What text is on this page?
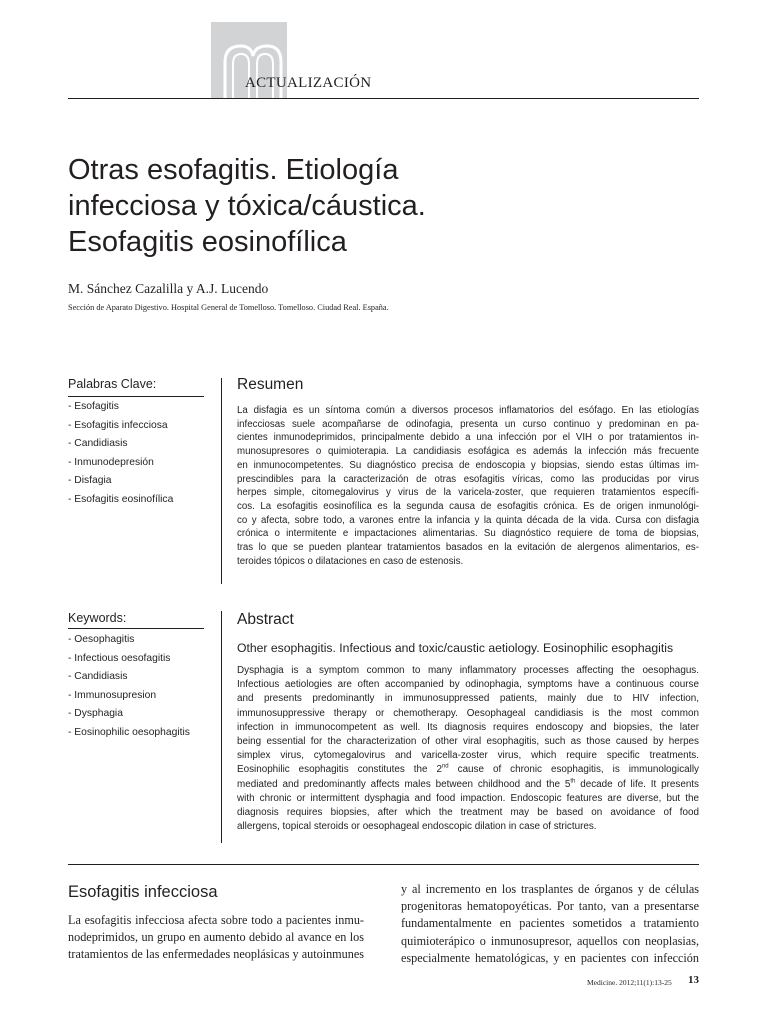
ACTUALIZACIÓN
Otras esofagitis. Etiología
infecciosa y tóxica/cáustica.
Esofagitis eosinofílica
M. Sánchez Cazalilla y A.J. Lucendo
Sección de Aparato Digestivo. Hospital General de Tomelloso. Tomelloso. Ciudad Real. España.
Palabras Clave:
- Esofagitis
- Esofagitis infecciosa
- Candidiasis
- Inmunodepresión
- Disfagia
- Esofagitis eosinofílica
Keywords:
- Oesophagitis
- Infectious oesofagitis
- Candidiasis
- Immunosupresion
- Dysphagia
- Eosinophilic oesophagitis
Resumen
La disfagia es un síntoma común a diversos procesos inflamatorios del esófago. En las etiologías
infecciosas suele acompañarse de odinofagia, presenta un curso continuo y predominan en pa-
cientes inmunodeprimidos, principalmente debido a una infección por el VIH o por tratamientos in-
munosupresores o quimioterapia. La candidiasis esofágica es además la infección más frecuente
en inmunocompetentes. Su diagnóstico precisa de endoscopia y biopsias, siendo estas últimas im-
prescindibles para la caracterización de otras esofagitis víricas, como las producidas por virus
herpes simple, citomegalovirus y virus de la varicela-zoster, que requieren tratamientos específi-
cos. La esofagitis eosinofílica es la segunda causa de esofagitis crónica. Es de origen inmunológi-
co y afecta, sobre todo, a varones entre la infancia y la quinta década de la vida. Cursa con disfagia
crónica o intermitente e impactaciones alimentarias. Su diagnóstico requiere de toma de biopsias,
tras lo que se pueden plantear tratamientos basados en la evitación de alergenos alimentarios, es-
teroides tópicos o dilataciones en caso de estenosis.
Abstract
Other esophagitis. Infectious and toxic/caustic aetiology. Eosinophilic esophagitis
Dysphagia is a symptom common to many inflammatory processes affecting the oesophagus.
Infectious aetiologies are often accompanied by odinophagia, symptoms have a continuous course
and presents predominantly in immunosuppressed patients, mainly due to HIV infection,
immunosuppressive therapy or chemotherapy. Oesophageal candidiasis is the most common
infection in immunocompetent as well. Its diagnosis requires endoscopy and biopsies, the later
being essential for the characterization of other viral esophagitis, such as those caused by herpes
simplex virus, cytomegalovirus and varicella-zoster virus, which require specific treatments.
Eosinophilic esophagitis constitutes the 2nd cause of chronic esophagitis, is immunologically
mediated and predominantly affects males between childhood and the 5th decade of life. It presents
with chronic or intermittent dysphagia and food impaction. Endoscopic features are diverse, but the
diagnosis requires biopsies, after which the treatment may be based on avoidance of food
allergens, topical steroids or oesophageal endoscopic dilation in case of strictures.
Esofagitis infecciosa
La esofagitis infecciosa afecta sobre todo a pacientes inmu-
nodeprimidos, un grupo en aumento debido al avance en los
tratamientos de las enfermedades neoplásicas y autoinmunes
y al incremento en los trasplantes de órganos y de células
progenitoras hematopoyéticas. Por tanto, van a presentarse
fundamentalmente en pacientes sometidos a tratamiento
quimioterápico o inmunosupresor, aquellos con neoplasias,
especialmente hematológicas, y en pacientes con infección
Medicine. 2012;11(1):13-25 13
